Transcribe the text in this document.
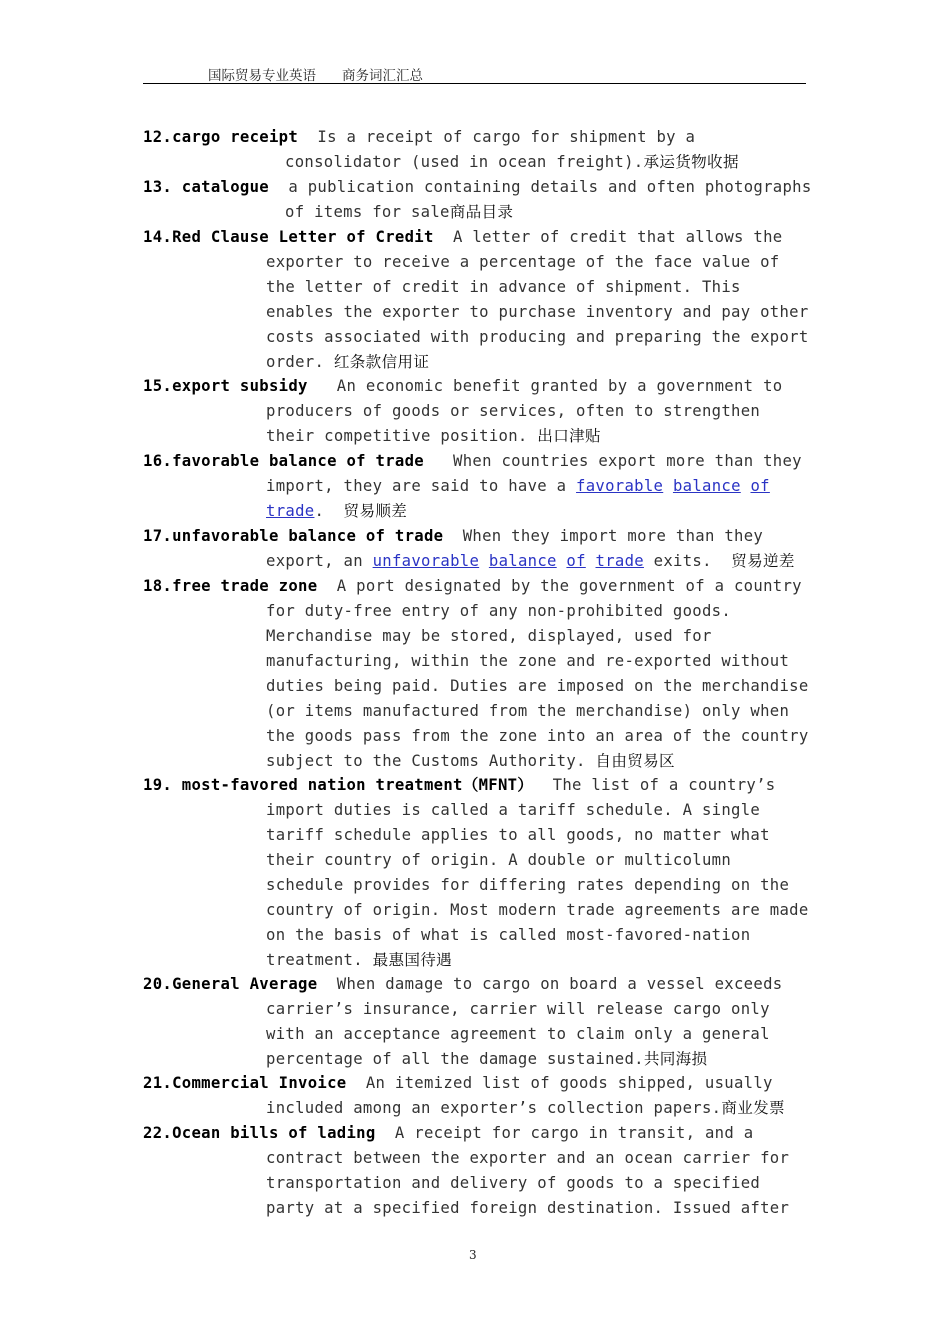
国际贸易专业英语 商务词汇汇总
12.cargo receipt Is a receipt of cargo for shipment by a
consolidator (used in ocean freight).承运货物收据
13. catalogue a publication containing details and often photographs
of items for sale商品目录
14.Red Clause Letter of Credit A letter of credit that allows the
exporter to receive a percentage of the face value of
the letter of credit in advance of shipment. This
enables the exporter to purchase inventory and pay other
costs associated with producing and preparing the export
order. 红条款信用证
15.export subsidy An economic benefit granted by a government to
producers of goods or services, often to strengthen
their competitive position. 出口津贴
16.favorable balance of trade When countries export more than they
import, they are said to have a favorable balance of
trade. 贸易顺差
17.unfavorable balance of trade When they import more than they
export, an unfavorable balance of trade exits. 贸易逆差
18.free trade zone A port designated by the government of a country
for duty-free entry of any non-prohibited goods.
Merchandise may be stored, displayed, used for
manufacturing, within the zone and re-exported without
duties being paid. Duties are imposed on the merchandise
(or items manufactured from the merchandise) only when
the goods pass from the zone into an area of the country
subject to the Customs Authority. 自由贸易区
19. most-favored nation treatment（MFNT） The list of a country’s
import duties is called a tariff schedule. A single
tariff schedule applies to all goods, no matter what
their country of origin. A double or multicolumn
schedule provides for differing rates depending on the
country of origin. Most modern trade agreements are made
on the basis of what is called most-favored-nation
treatment. 最惠国待遇
20.General Average When damage to cargo on board a vessel exceeds
carrier’s insurance, carrier will release cargo only
with an acceptance agreement to claim only a general
percentage of all the damage sustained.共同海损
21.Commercial Invoice An itemized list of goods shipped, usually
included among an exporter’s collection papers.商业发票
22.Ocean bills of lading A receipt for cargo in transit, and a
contract between the exporter and an ocean carrier for
transportation and delivery of goods to a specified
party at a specified foreign destination. Issued after
3
